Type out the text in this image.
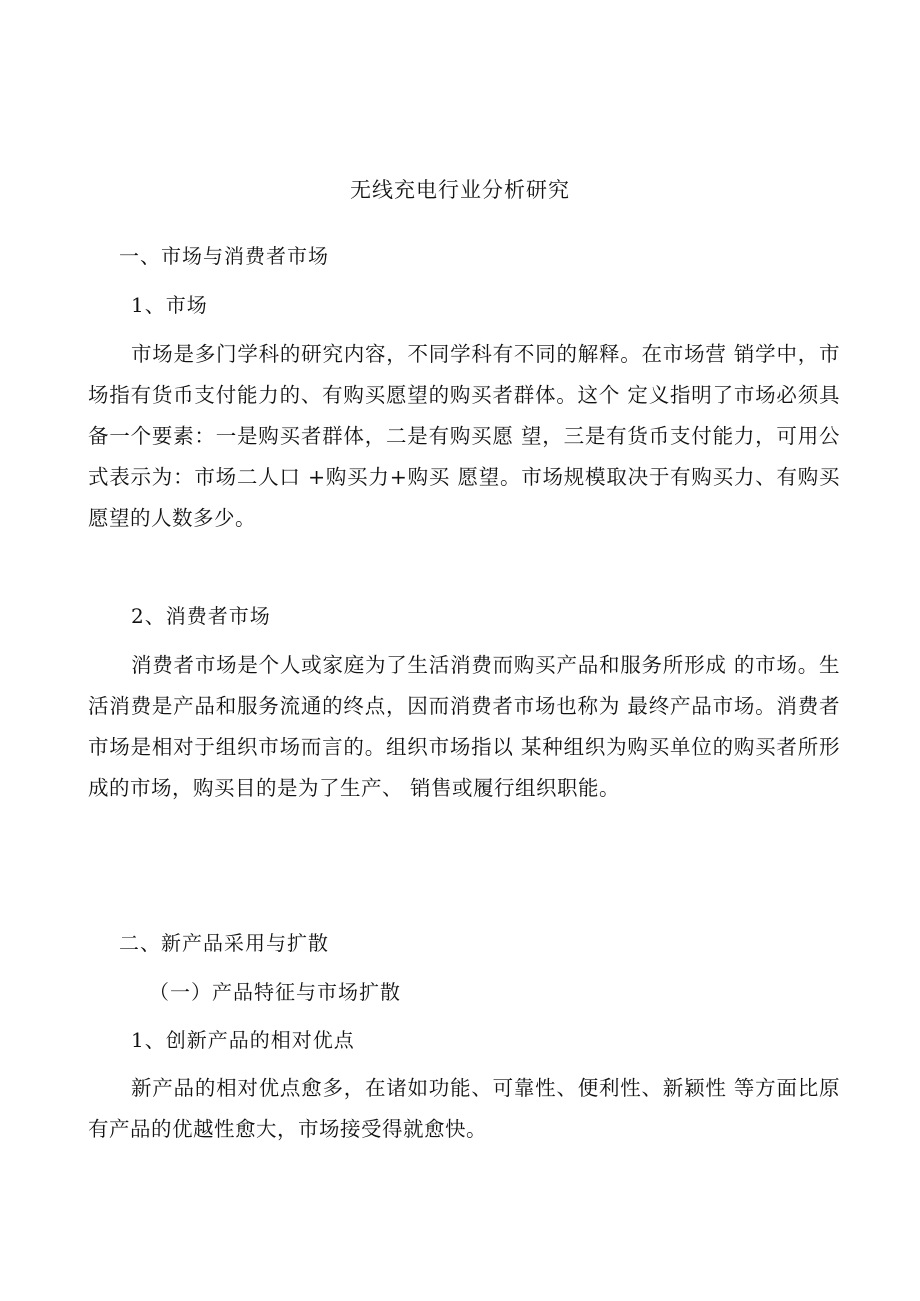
无线充电行业分析研究
一、市场与消费者市场
1、市场
市场是多门学科的研究内容，不同学科有不同的解释。在市场营 销学中，市场指有货币支付能力的、有购买愿望的购买者群体。这个 定义指明了市场必须具备一个要素：一是购买者群体，二是有购买愿 望，三是有货币支付能力，可用公式表示为：市场二人口 +购买力+购买 愿望。市场规模取决于有购买力、有购买愿望的人数多少。
2、消费者市场
消费者市场是个人或家庭为了生活消费而购买产品和服务所形成 的市场。生活消费是产品和服务流通的终点，因而消费者市场也称为 最终产品市场。消费者市场是相对于组织市场而言的。组织市场指以 某种组织为购买单位的购买者所形成的市场，购买目的是为了生产、 销售或履行组织职能。
二、新产品采用与扩散
（一）产品特征与市场扩散
1、创新产品的相对优点
新产品的相对优点愈多，在诸如功能、可靠性、便利性、新颖性 等方面比原有产品的优越性愈大，市场接受得就愈快。
